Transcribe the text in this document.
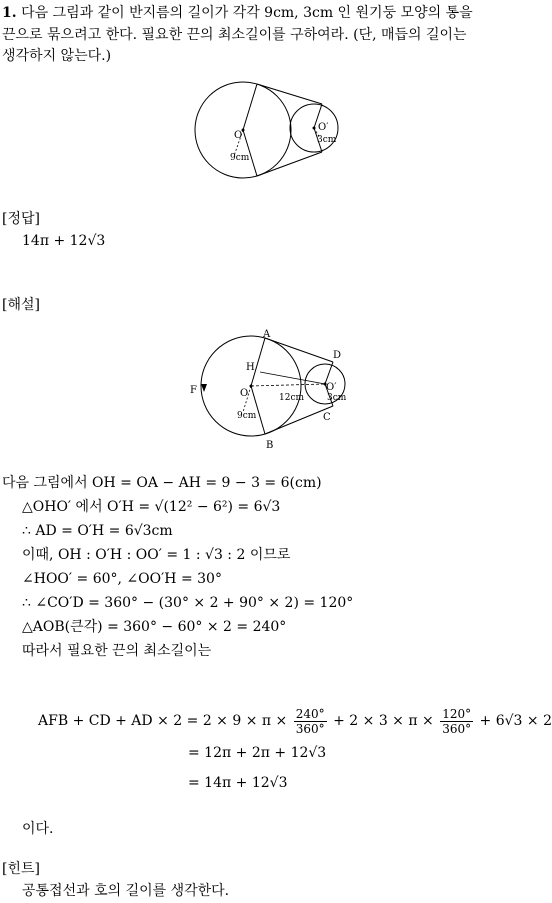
1. 다음 그림과 같이 반지름의 길이가 각각 9cm, 3cm 인 원기둥 모양의 통을
끈으로 묶으려고 한다. 필요한 끈의 최소길이를 구하여라. (단, 매듭의 길이는
생각하지 않는다.)
O
O′
9cm
3cm
[정답]
14π + 12√3
[해설]
A
B
C
D
F
H
O
O′
9cm
12cm	3cm
다음 그림에서 OH = OA − AH = 9 − 3 = 6(cm)
△OHO′ 에서 O′H = √(12² − 6²) = 6√3
∴ AD = O′H = 6√3cm
이때, OH : O′H : OO′ = 1 : √3 : 2 이므로
∠HOO′ = 60°, ∠OO′H = 30°
∴ ∠CO′D = 360° − (30° × 2 + 90° × 2) = 120°
△AOB(큰각) = 360° − 60° × 2 = 240°
따라서 필요한 끈의 최소길이는
AFB + CD + AD × $2 = 2 \times 9 \times \pi \times \frac{240^\circ}{360^\circ} + 2 \times 3 \times \pi \times \frac{120^\circ}{360^\circ} + 6√3 \times 2$
= 12π + 2π + 12√3
= 14π + 12√3
이다.
[힌트]
공통접선과 호의 길이를 생각한다.
